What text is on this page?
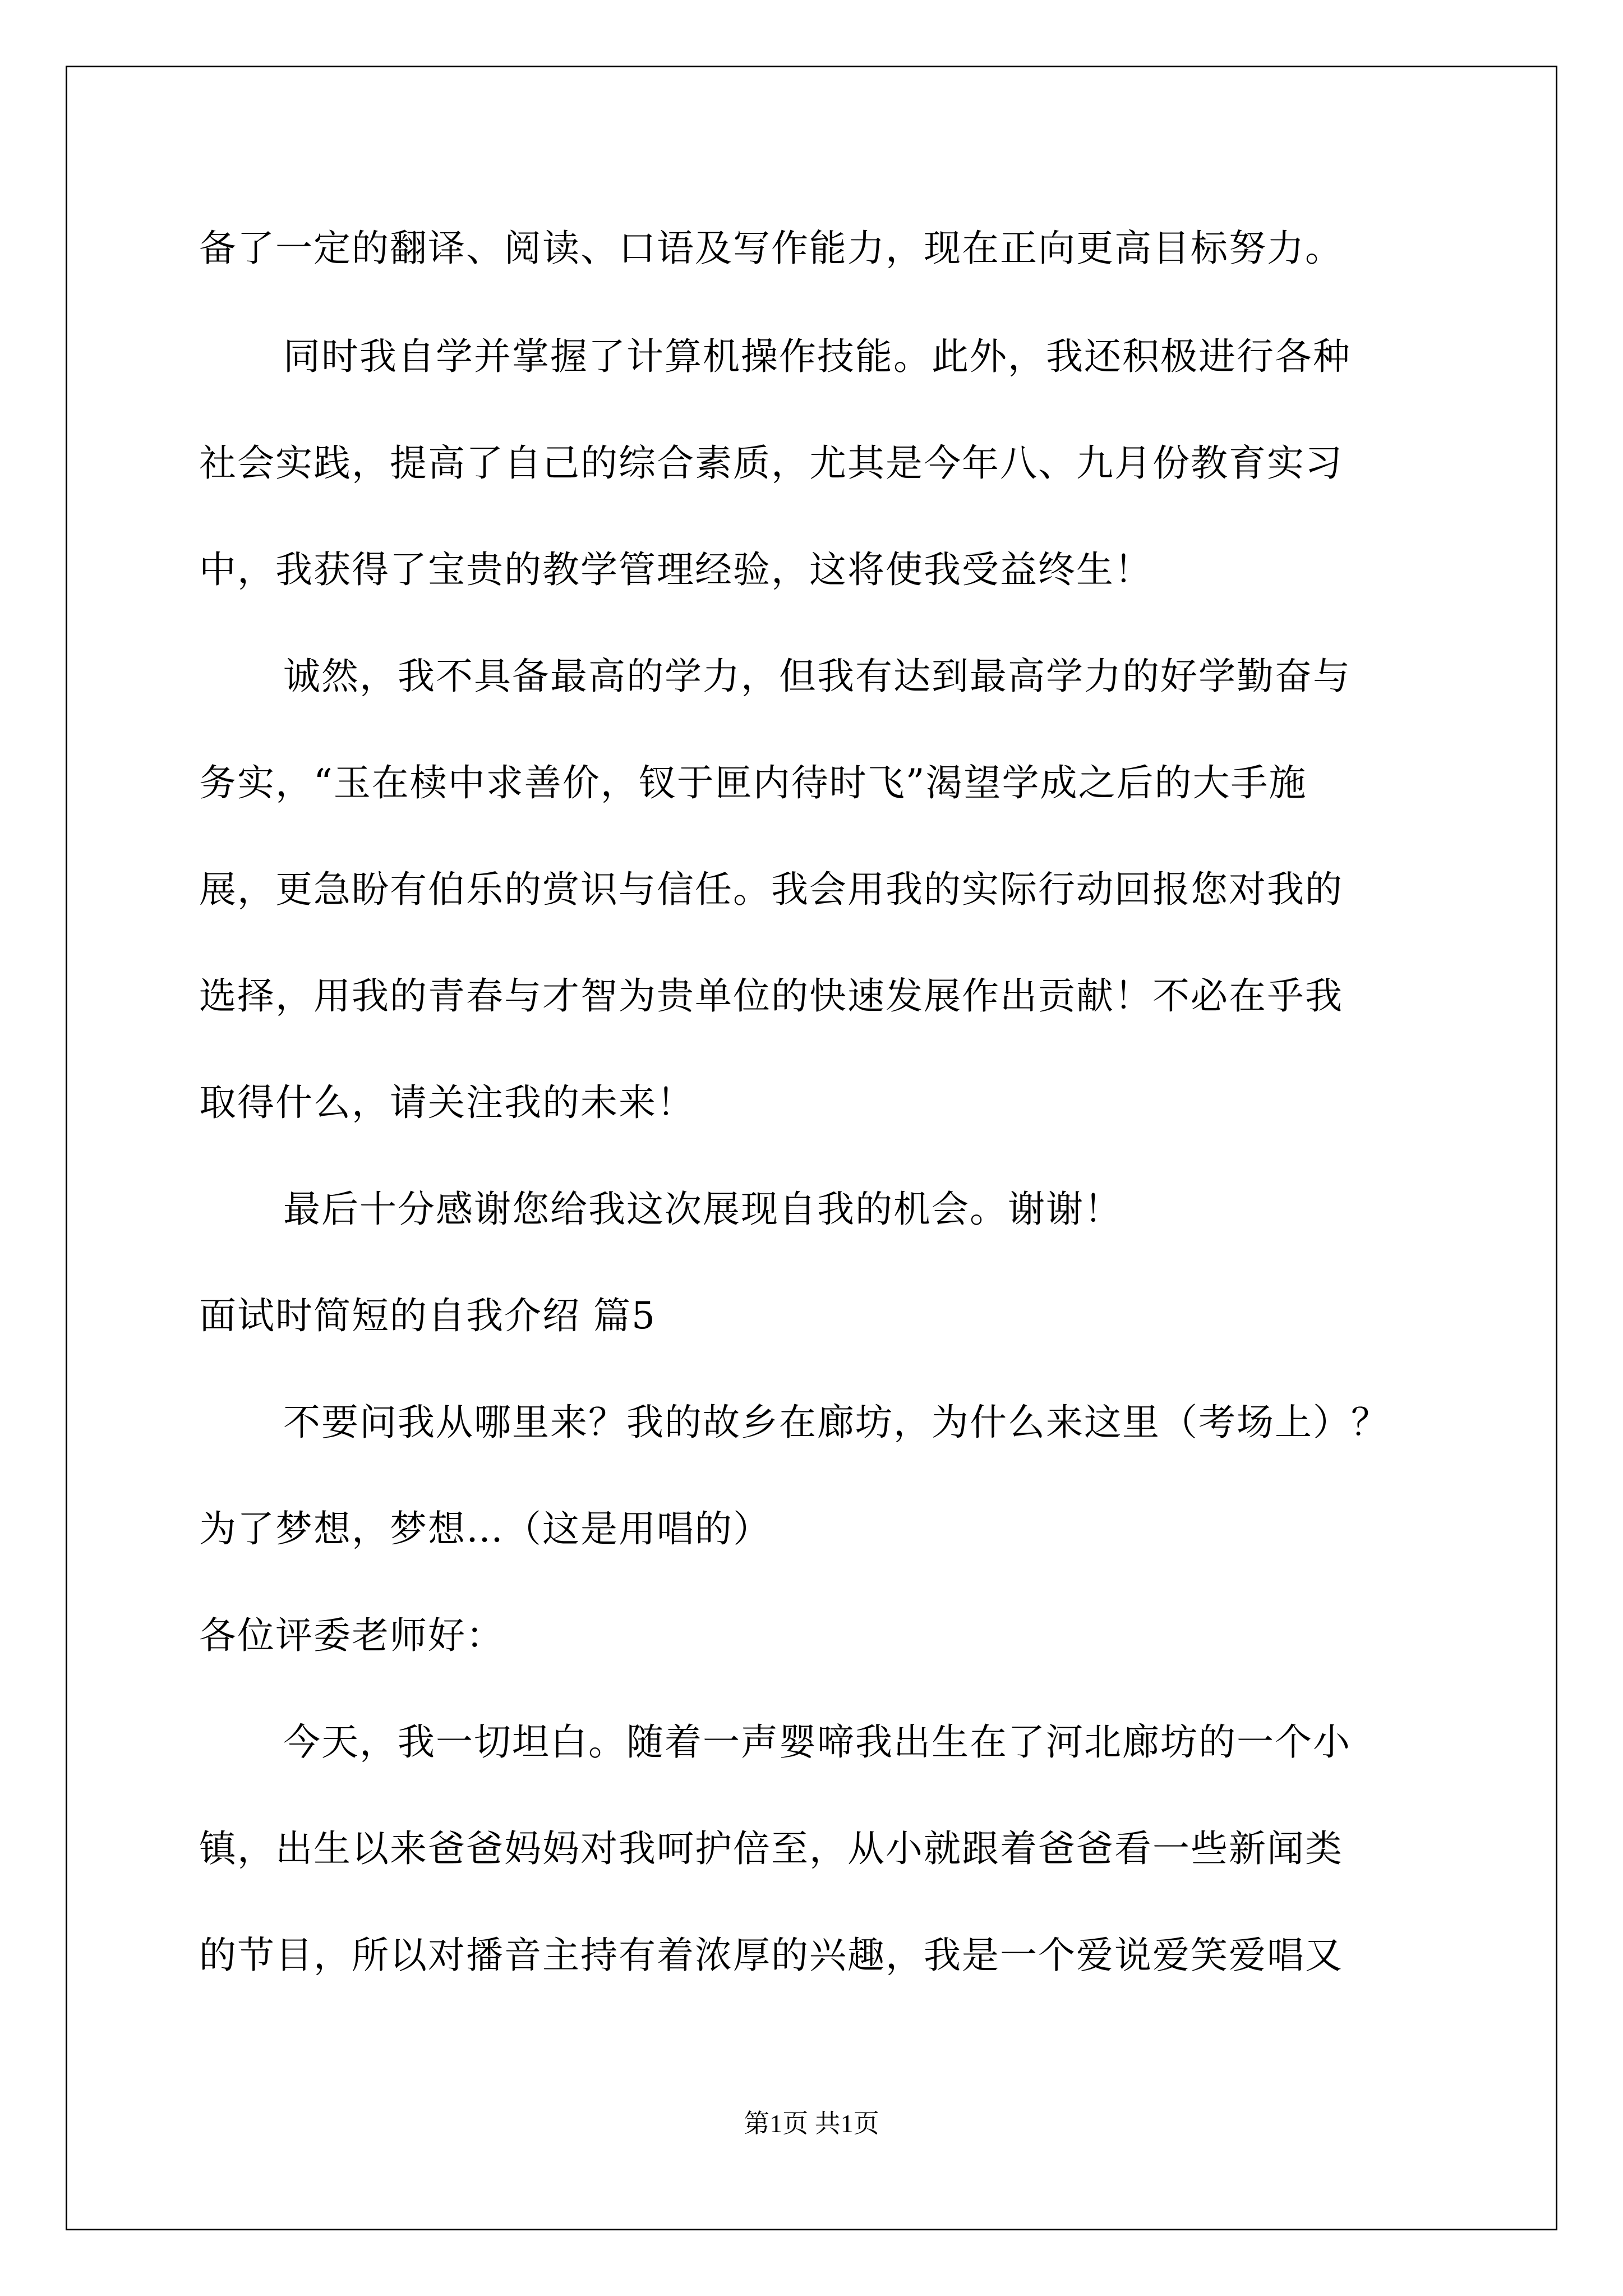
备了一定的翻译、阅读、口语及写作能力，现在正向更高目标努力。

同时我自学并掌握了计算机操作技能。此外，我还积极进行各种

社会实践，提高了自己的综合素质，尤其是今年八、九月份教育实习

中，我获得了宝贵的教学管理经验，这将使我受益终生！

诚然，我不具备最高的学力，但我有达到最高学力的好学勤奋与

务实，“玉在椟中求善价，钗于匣内待时飞”渴望学成之后的大手施

展，更急盼有伯乐的赏识与信任。我会用我的实际行动回报您对我的

选择，用我的青春与才智为贵单位的快速发展作出贡献！不必在乎我

取得什么，请关注我的未来！

最后十分感谢您给我这次展现自我的机会。谢谢！

面试时简短的自我介绍 篇5

不要问我从哪里来？我的故乡在廊坊，为什么来这里（考场上）？

为了梦想，梦想…（这是用唱的）

各位评委老师好：

今天，我一切坦白。随着一声婴啼我出生在了河北廊坊的一个小

镇，出生以来爸爸妈妈对我呵护倍至，从小就跟着爸爸看一些新闻类

的节目，所以对播音主持有着浓厚的兴趣，我是一个爱说爱笑爱唱又

第1页 共1页
